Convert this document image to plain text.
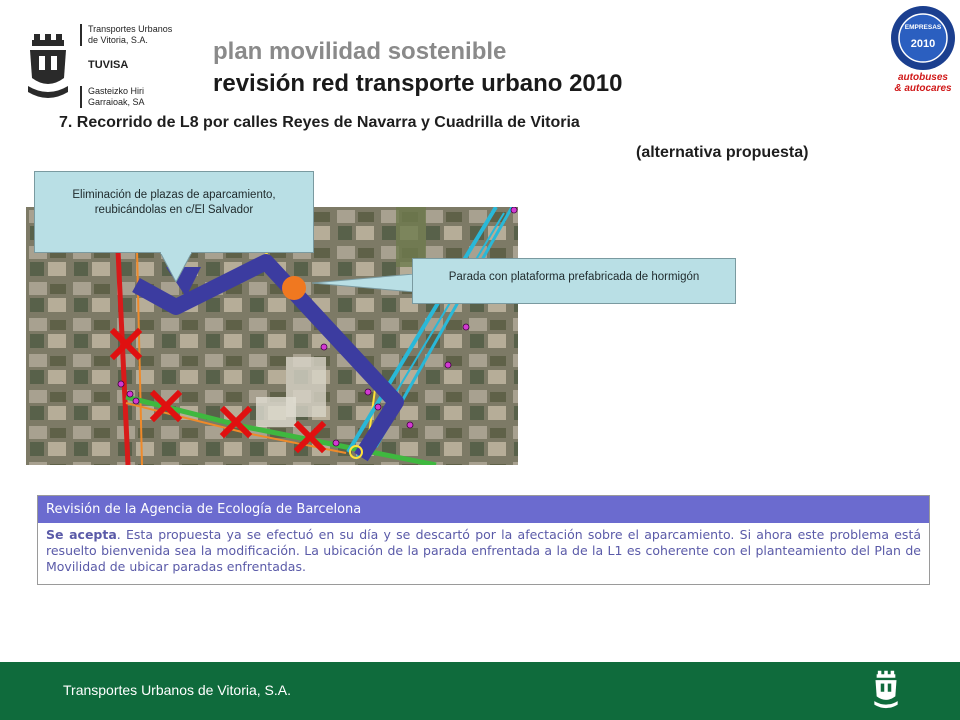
Transportes Urbanos
de Vitoria, S.A.
TUVISA
Gasteizko Hiri
Garraioak, SA
plan movilidad sostenible
revisión red transporte urbano 2010
EMPRESAS
2010
autobuses
& autocares
7. Recorrido de L8 por calles Reyes de Navarra y Cuadrilla de Vitoria
(alternativa propuesta)
Eliminación de plazas de aparcamiento, reubicándolas en c/El Salvador
Parada con plataforma prefabricada de hormigón
Revisión de la Agencia de Ecología de Barcelona
Se acepta. Esta propuesta ya se efectuó en su día y se descartó por la afectación sobre el aparcamiento. Si ahora este problema está resuelto bienvenida sea la modificación. La ubicación de la parada enfrentada a la de la L1 es coherente con el planteamiento del Plan de Movilidad de ubicar paradas enfrentadas.
Transportes Urbanos de Vitoria, S.A.
